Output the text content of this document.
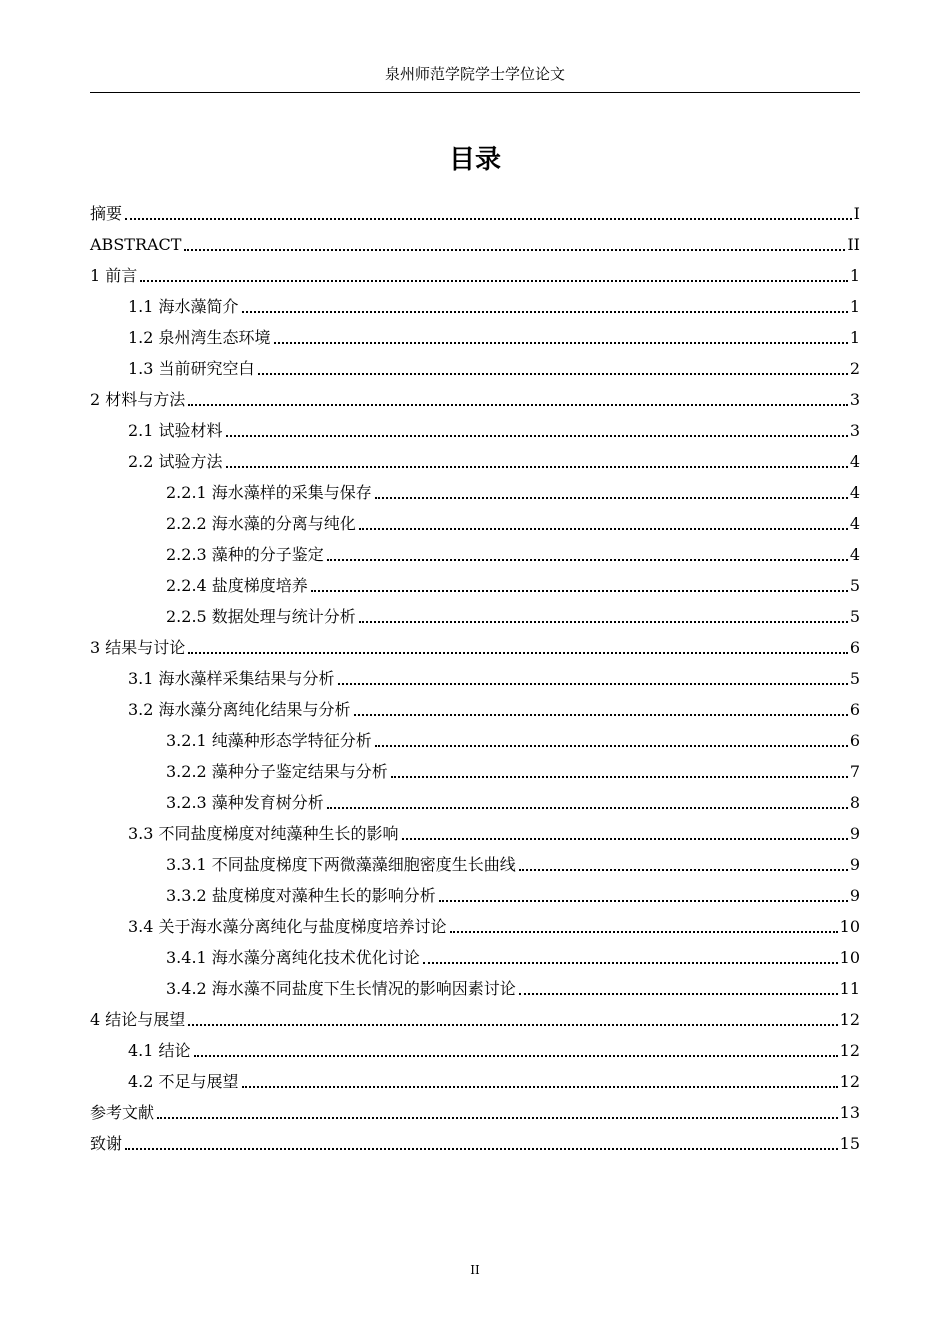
泉州师范学院学士学位论文
目录
摘要	I
ABSTRACT	II
1 前言	1
1.1 海水藻简介	1
1.2 泉州湾生态环境	1
1.3 当前研究空白	2
2 材料与方法	3
2.1 试验材料	3
2.2 试验方法	4
2.2.1 海水藻样的采集与保存	4
2.2.2 海水藻的分离与纯化	4
2.2.3 藻种的分子鉴定	4
2.2.4 盐度梯度培养	5
2.2.5 数据处理与统计分析	5
3 结果与讨论	6
3.1 海水藻样采集结果与分析	5
3.2 海水藻分离纯化结果与分析	6
3.2.1 纯藻种形态学特征分析	6
3.2.2 藻种分子鉴定结果与分析	7
3.2.3 藻种发育树分析	8
3.3 不同盐度梯度对纯藻种生长的影响	9
3.3.1 不同盐度梯度下两微藻藻细胞密度生长曲线	9
3.3.2 盐度梯度对藻种生长的影响分析	9
3.4 关于海水藻分离纯化与盐度梯度培养讨论	10
3.4.1 海水藻分离纯化技术优化讨论	10
3.4.2 海水藻不同盐度下生长情况的影响因素讨论	11
4 结论与展望	12
4.1 结论	12
4.2 不足与展望	12
参考文献	13
致谢	15
II
